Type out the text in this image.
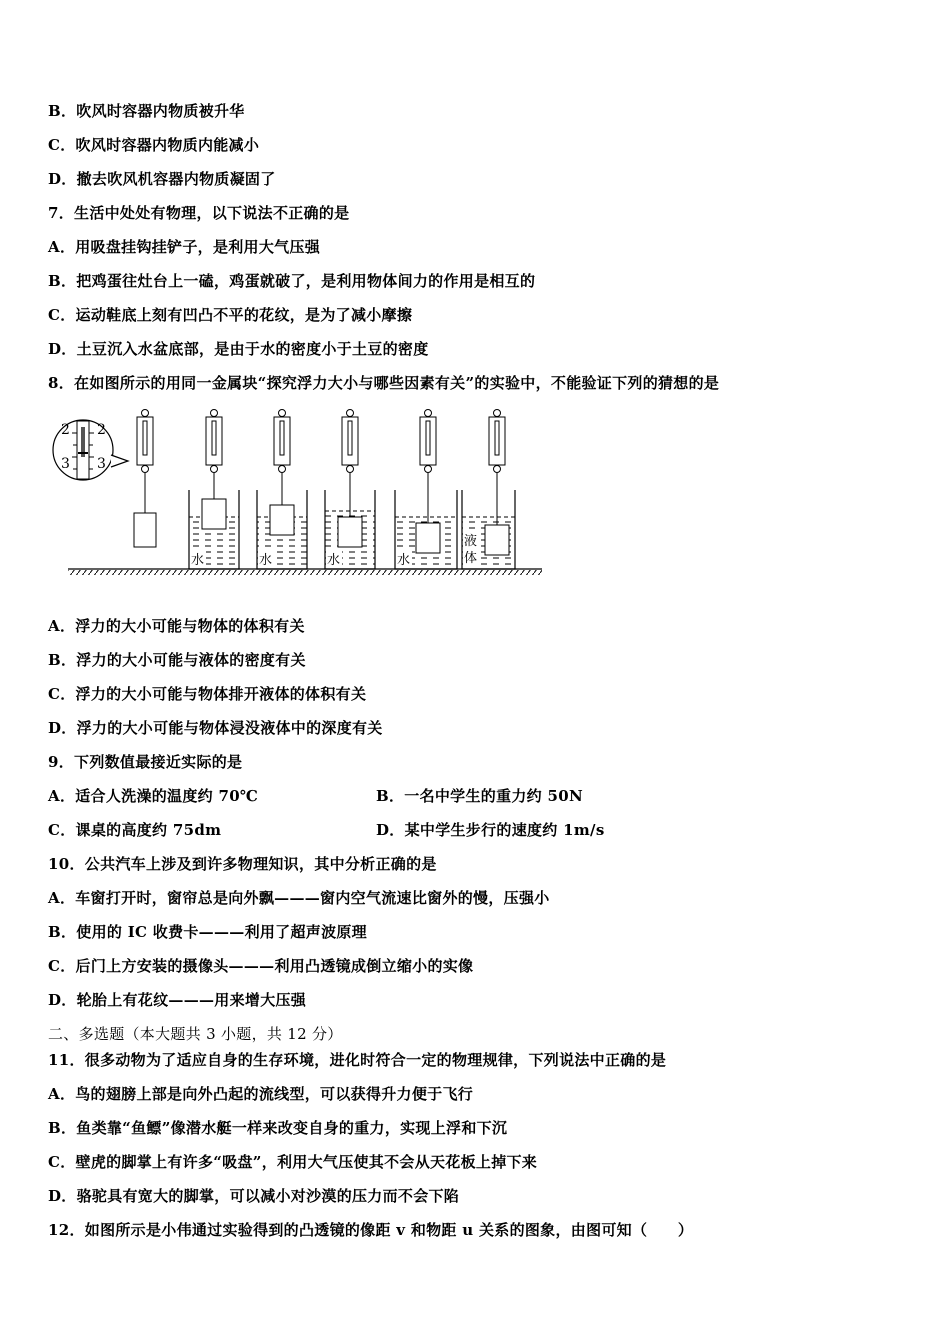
B．吹风时容器内物质被升华
C．吹风时容器内物质内能减小
D．撤去吹风机容器内物质凝固了
7．生活中处处有物理，以下说法不正确的是
A．用吸盘挂钩挂铲子，是利用大气压强
B．把鸡蛋往灶台上一磕，鸡蛋就破了，是利用物体间力的作用是相互的
C．运动鞋底上刻有凹凸不平的花纹，是为了减小摩擦
D．土豆沉入水盆底部，是由于水的密度小于土豆的密度
8．在如图所示的用同一金属块“探究浮力大小与哪些因素有关”的实验中，不能验证下列的猜想的是
2 2
3 3
水	水	水	水
液
体
A．浮力的大小可能与物体的体积有关
B．浮力的大小可能与液体的密度有关
C．浮力的大小可能与物体排开液体的体积有关
D．浮力的大小可能与物体浸没液体中的深度有关
9．下列数值最接近实际的是
A．适合人洗澡的温度约 70℃	B．一名中学生的重力约 50N
C．课桌的高度约 75dm	D．某中学生步行的速度约 1m/s
10．公共汽车上涉及到许多物理知识，其中分析正确的是
A．车窗打开时，窗帘总是向外飘———窗内空气流速比窗外的慢，压强小
B．使用的 IC 收费卡———利用了超声波原理
C．后门上方安装的摄像头———利用凸透镜成倒立缩小的实像
D．轮胎上有花纹———用来增大压强
二、多选题（本大题共 3 小题，共 12 分）
11．很多动物为了适应自身的生存环境，进化时符合一定的物理规律，下列说法中正确的是
A．鸟的翅膀上部是向外凸起的流线型，可以获得升力便于飞行
B．鱼类靠“鱼鳔”像潜水艇一样来改变自身的重力，实现上浮和下沉
C．壁虎的脚掌上有许多“吸盘”，利用大气压使其不会从天花板上掉下来
D．骆驼具有宽大的脚掌，可以减小对沙漠的压力而不会下陷
12．如图所示是小伟通过实验得到的凸透镜的像距 v 和物距 u 关系的图象，由图可知（　　）
